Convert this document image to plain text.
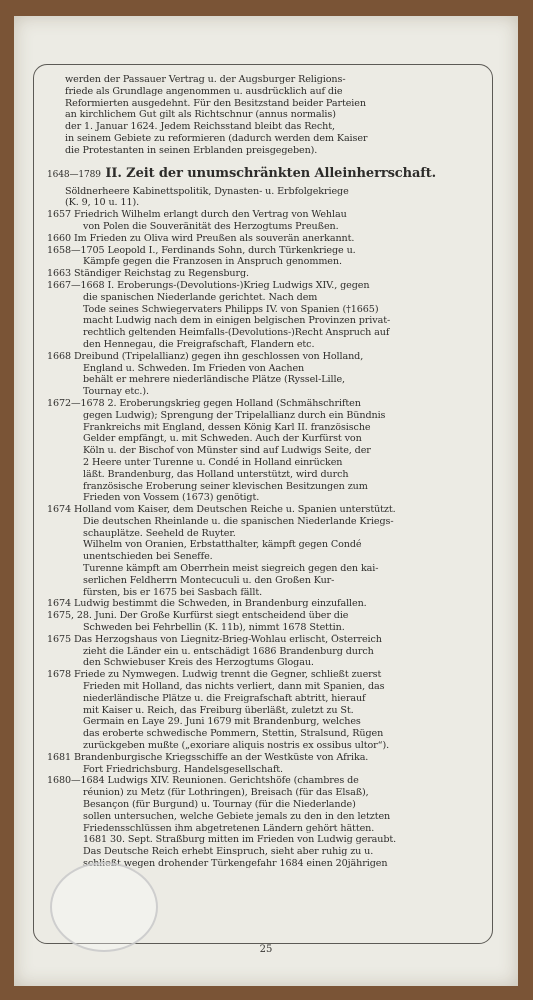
werden der Passauer Vertrag u. der Augsburger Religions-
friede als Grundlage angenommen u. ausdrücklich auf die
Reformierten ausgedehnt. Für den Besitzstand beider Parteien
an kirchlichem Gut gilt als Richtschnur (annus normalis)
der 1. Januar 1624. Jedem Reichsstand bleibt das Recht,
in seinem Gebiete zu reformieren (dadurch werden dem Kaiser
die Protestanten in seinen Erblanden preisgegeben).
1648—1789 II. Zeit der unumschränkten Alleinherrschaft.
Söldnerheere Kabinettspolitik, Dynasten- u. Erbfolgekriege
(K. 9, 10 u. 11).
1657 Friedrich Wilhelm erlangt durch den Vertrag von Wehlau
von Polen die Souveränität des Herzogtums Preußen.
1660 Im Frieden zu Oliva wird Preußen als souverän anerkannt.
1658—1705 Leopold I., Ferdinands Sohn, durch Türkenkriege u.
Kämpfe gegen die Franzosen in Anspruch genommen.
1663 Ständiger Reichstag zu Regensburg.
1667—1668 I. Eroberungs-(Devolutions-)Krieg Ludwigs XIV., gegen
die spanischen Niederlande gerichtet. Nach dem
Tode seines Schwiegervaters Philipps IV. von Spanien (†1665)
macht Ludwig nach dem in einigen belgischen Provinzen privat-
rechtlich geltenden Heimfalls-(Devolutions-)Recht Anspruch auf
den Hennegau, die Freigrafschaft, Flandern etc.
1668 Dreibund (Tripelallianz) gegen ihn geschlossen von Holland,
England u. Schweden. Im Frieden von Aachen
behält er mehrere niederländische Plätze (Ryssel-Lille,
Tournay etc.).
1672—1678 2. Eroberungskrieg gegen Holland (Schmähschriften
gegen Ludwig); Sprengung der Tripelallianz durch ein Bündnis
Frankreichs mit England, dessen König Karl II. französische
Gelder empfängt, u. mit Schweden. Auch der Kurfürst von
Köln u. der Bischof von Münster sind auf Ludwigs Seite, der
2 Heere unter Turenne u. Condé in Holland einrücken
läßt. Brandenburg, das Holland unterstützt, wird durch
französische Eroberung seiner klevischen Besitzungen zum
Frieden von Vossem (1673) genötigt.
1674 Holland vom Kaiser, dem Deutschen Reiche u. Spanien unterstützt.
Die deutschen Rheinlande u. die spanischen Niederlande Kriegs-
schauplätze. Seeheld de Ruyter.
Wilhelm von Oranien, Erbstatthalter, kämpft gegen Condé
unentschieden bei Seneffe.
Turenne kämpft am Oberrhein meist siegreich gegen den kai-
serlichen Feldherrn Montecuculi u. den Großen Kur-
fürsten, bis er 1675 bei Sasbach fällt.
1674 Ludwig bestimmt die Schweden, in Brandenburg einzufallen.
1675, 28. Juni. Der Große Kurfürst siegt entscheidend über die
Schweden bei Fehrbellin (K. 11b), nimmt 1678 Stettin.
1675 Das Herzogshaus von Liegnitz-Brieg-Wohlau erlischt, Österreich
zieht die Länder ein u. entschädigt 1686 Brandenburg durch
den Schwiebuser Kreis des Herzogtums Glogau.
1678 Friede zu Nymwegen. Ludwig trennt die Gegner, schließt zuerst
Frieden mit Holland, das nichts verliert, dann mit Spanien, das
niederländische Plätze u. die Freigrafschaft abtritt, hierauf
mit Kaiser u. Reich, das Freiburg überläßt, zuletzt zu St.
Germain en Laye 29. Juni 1679 mit Brandenburg, welches
das eroberte schwedische Pommern, Stettin, Stralsund, Rügen
zurückgeben mußte („exoriare aliquis nostris ex ossibus ultor“).
1681 Brandenburgische Kriegsschiffe an der Westküste von Afrika.
Fort Friedrichsburg. Handelsgesellschaft.
1680—1684 Ludwigs XIV. Reunionen. Gerichtshöfe (chambres de
réunion) zu Metz (für Lothringen), Breisach (für das Elsaß),
Besançon (für Burgund) u. Tournay (für die Niederlande)
sollen untersuchen, welche Gebiete jemals zu den in den letzten
Friedensschlüssen ihm abgetretenen Ländern gehört hätten.
1681 30. Sept. Straßburg mitten im Frieden von Ludwig geraubt.
Das Deutsche Reich erhebt Einspruch, sieht aber ruhig zu u.
schließt wegen drohender Türkengefahr 1684 einen 20jährigen
25
